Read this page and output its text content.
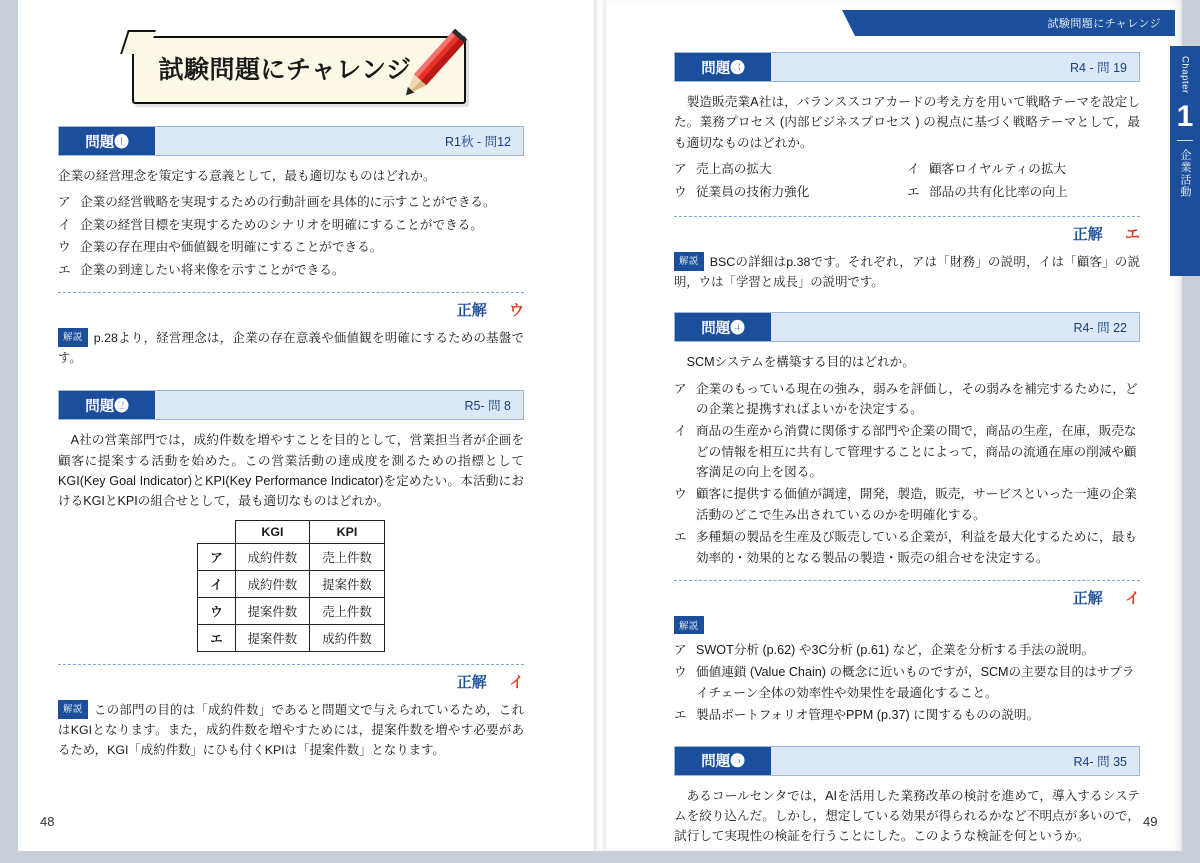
試験問題にチャレンジ
Chapter
1
企業活動
試験問題 にチャレンジ
問題❶	R1秋 - 問12

企業の経営理念を策定する意義として，最も適切なものはどれか。

ア 企業の経営戦略を実現するための行動計画を具体的に示すことができる。
イ 企業の経営目標を実現するためのシナリオを明確にすることができる。
ウ 企業の存在理由や価値観を明確にすることができる。
エ 企業の到達したい将来像を示すことができる。
正解 ウ

解説 p.28より，経営理念は，企業の存在意義や価値観を明確にするための基盤です。

問題❷	R5- 問 8

A社の営業部門では，成約件数を増やすことを目的として，営業担当者が企画を顧客に提案する活動を始めた。この営業活動の達成度を測るための指標としてKGI(Key Goal Indicator)とKPI(Key Performance Indicator)を定めたい。本活動におけるKGIとKPIの組合せとして，最も適切なものはどれか。

	KGI	KPI
ア	成約件数	売上件数
イ	成約件数	提案件数
ウ	提案件数	売上件数
エ	提案件数	成約件数
正解 イ

解説 この部門の目的は「成約件数」であると問題文で与えられているため，これはKGIとなります。また，成約件数を増やすためには，提案件数を増やす必要があるため，KGI「成約件数」にひも付くKPIは「提案件数」となります。

問題❸	R4 - 問 19

製造販売業A社は，バランススコアカードの考え方を用いて戦略テーマを設定した。業務プロセス (内部ビジネスプロセス ) の視点に基づく戦略テーマとして，最も適切なものはどれか。

ア 売上高の拡大	イ 顧客ロイヤルティの拡大
ウ 従業員の技術力強化	エ 部品の共有化比率の向上
正解 エ

解説 BSCの詳細はp.38です。それぞれ，アは「財務」の説明，イは「顧客」の説明，ウは「学習と成長」の説明です。

問題❹	R4- 問 22

SCMシステムを構築する目的はどれか。

ア 企業のもっている現在の強み，弱みを評価し，その弱みを補完するために，どの企業と提携すればよいかを決定する。
イ 商品の生産から消費に関係する部門や企業の間で，商品の生産，在庫，販売などの情報を相互に共有して管理することによって，商品の流通在庫の削減や顧客満足の向上を図る。
ウ 顧客に提供する価値が調達，開発，製造，販売，サービスといった一連の企業活動のどこで生み出されているのかを明確化する。
エ 多種類の製品を生産及び販売している企業が，利益を最大化するために，最も効率的・効果的となる製品の製造・販売の組合せを決定する。
正解 イ
解説
ア SWOT分析 (p.62) や3C分析 (p.61) など，企業を分析する手法の説明。
ウ 価値連鎖 (Value Chain) の概念に近いものですが，SCMの主要な目的はサプライチェーン全体の効率性や効果性を最適化すること。
エ 製品ポートフォリオ管理やPPM (p.37) に関するものの説明。
問題❺	R4- 問 35

あるコールセンタでは，AIを活用した業務改革の検討を進めて，導入するシステムを絞り込んだ。しかし，想定している効果が得られるかなど不明点が多いので，試行して実現性の検証を行うことにした。このような検証を何というか。

48	49
